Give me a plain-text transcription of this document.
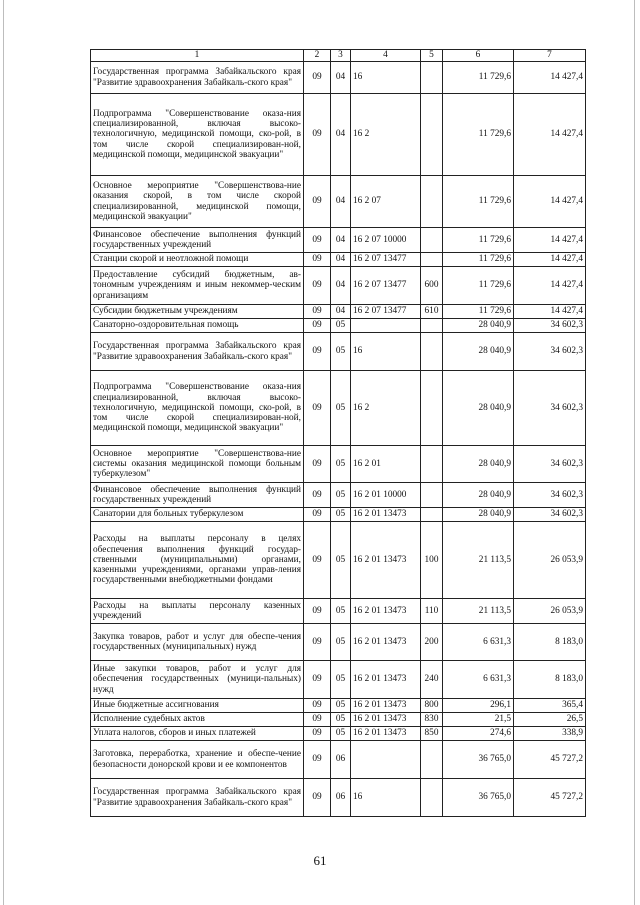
1	2	3	4	5	6	7
Государственная программа Забайкальского края "Развитие здравоохранения Забайкаль-ского края"	09	04	16		11 729,6	14 427,4
Подпрограмма "Совершенствование оказа-ния специализированной, включая высоко-технологичную, медицинской помощи, ско-рой, в том числе скорой специализирован-ной, медицинской помощи, медицинской эвакуации"	09	04	16 2		11 729,6	14 427,4
Основное мероприятие "Совершенствова-ние оказания скорой, в том числе скорой специализированной, медицинской помощи, медицинской эвакуации"	09	04	16 2 07		11 729,6	14 427,4
Финансовое обеспечение выполнения функций государственных учреждений	09	04	16 2 07 10000		11 729,6	14 427,4
Станции скорой и неотложной помощи	09	04	16 2 07 13477		11 729,6	14 427,4
Предоставление субсидий бюджетным, ав-тономным учреждениям и иным некоммер-ческим организациям	09	04	16 2 07 13477	600	11 729,6	14 427,4
Субсидии бюджетным учреждениям	09	04	16 2 07 13477	610	11 729,6	14 427,4
Санаторно-оздоровительная помощь	09	05			28 040,9	34 602,3
Государственная программа Забайкальского края "Развитие здравоохранения Забайкаль-ского края"	09	05	16		28 040,9	34 602,3
Подпрограмма "Совершенствование оказа-ния специализированной, включая высоко-технологичную, медицинской помощи, ско-рой, в том числе скорой специализирован-ной, медицинской помощи, медицинской эвакуации"	09	05	16 2		28 040,9	34 602,3
Основное мероприятие "Совершенствова-ние системы оказания медицинской помощи больным туберкулезом"	09	05	16 2 01		28 040,9	34 602,3
Финансовое обеспечение выполнения функций государственных учреждений	09	05	16 2 01 10000		28 040,9	34 602,3
Санатории для больных туберкулезом	09	05	16 2 01 13473		28 040,9	34 602,3
Расходы на выплаты персоналу в целях обеспечения выполнения функций государ-ственными (муниципальными) органами, казенными учреждениями, органами управ-ления государственными внебюджетными фондами	09	05	16 2 01 13473	100	21 113,5	26 053,9
Расходы на выплаты персоналу казенных учреждений	09	05	16 2 01 13473	110	21 113,5	26 053,9
Закупка товаров, работ и услуг для обеспе-чения государственных (муниципальных) нужд	09	05	16 2 01 13473	200	6 631,3	8 183,0
Иные закупки товаров, работ и услуг для обеспечения государственных (муници-пальных) нужд	09	05	16 2 01 13473	240	6 631,3	8 183,0
Иные бюджетные ассигнования	09	05	16 2 01 13473	800	296,1	365,4
Исполнение судебных актов	09	05	16 2 01 13473	830	21,5	26,5
Уплата налогов, сборов и иных платежей	09	05	16 2 01 13473	850	274,6	338,9
Заготовка, переработка, хранение и обеспе-чение безопасности донорской крови и ее компонентов	09	06			36 765,0	45 727,2
Государственная программа Забайкальского края "Развитие здравоохранения Забайкаль-ского края"	09	06	16		36 765,0	45 727,2
61
